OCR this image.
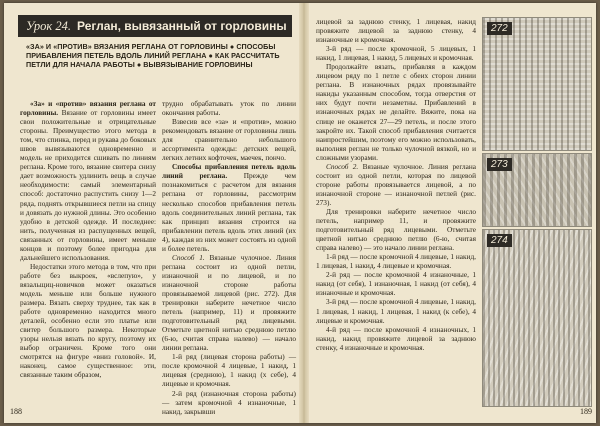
Урок 24. Реглан, вывязанный от горловины
«ЗА» И «ПРОТИВ» ВЯЗАНИЯ РЕГЛАНА ОТ ГОРЛОВИНЫ ● СПОСОБЫ ПРИБАВЛЕНИЯ ПЕТЕЛЬ ВДОЛЬ ЛИНИЙ РЕГЛАНА ● КАК РАССЧИТАТЬ ПЕТЛИ ДЛЯ НАЧАЛА РАБОТЫ ● ВЫВЯЗЫВАНИЕ ГОРЛОВИНЫ

«За» и «против» вязания реглана от горловины. Вязание от горловины имеет свои положительные и отрицательные стороны. Преимущество этого метода в том, что спинка, перед и рукава до боковых швов вывязываются одновременно и модель не приходится сшивать по линиям реглана. Кроме того, вязание свитера снизу дает возможность удлинить вещь в случае необходимости: самый элементарный способ: достаточно распустить снизу 1—2 ряда, поднять открывшиеся петли на спицу и довязать до нужной длины. Это особенно удобно в детской одежде. И последнее: нить, полученная из распущенных вещей, связанных от горловины, имеет меньше концов и поэтому более пригодна для дальнейшего использования.

Недостатки этого метода в том, что при работе без выкроек, «вслепую», у вязальщиц-новичков может оказаться модель меньше или больше нужного размера. Вязать сверху труднее, так как в работе одновременно находится много деталей, особенно если это платье или свитер большого размера. Некоторые узоры нельзя вязать по кругу, поэтому их выбор ограничен. Кроме того они смотрятся на фигуре «вниз головой». И, наконец, самое существенное: эти, связанные таким образом,

трудно обрабатывать уток по линии окончания работы.

Взвесив все «за» и «против», можно рекомендовать вязание от горловины лишь для сравнительно небольшого ассортимента одежды: детских вещей, легких летних кофточек, маечек, пончо.

Способы прибавления петель вдоль линий реглана. Прежде чем познакомиться с расчетом для вязания реглана от горловины, рассмотрим несколько способов прибавления петель вдоль соединительных линий реглана, так как принцип вязания строится на прибавлении петель вдоль этих линий (их 4), каждая из них может состоять из одной и более петель.

Способ 1. Вязаные чулочное. Линия реглана состоит из одной петли, изнаночной и по лицевой, и по изнаночной стороне работы провязываемой лицевой (рис. 272). Для тренировки наберите нечетное число петель (например, 11) и провяжите подготовительный ряд лицевыми. Отметьте цветной нитью среднюю петлю (6-ю, считая справа налево) — начало линии реглана.

1-й ряд (лицевая сторона работы) — после кромочной 4 лицевые, 1 накид, 1 лицевая (среднюю), 1 накид (х себе), 4 лицевые и кромочная.

2-й ряд (изнаночная сторона работы) — затем кромочной 4 изнаночные, 1 накид, закрывши

188

лицевой за заднюю стенку, 1 лицевая, накид провяжите лицевой за заднюю стенку, 4 изнаночные и кромочная.

3-й ряд — после кромочной, 5 лицевых, 1 накид, 1 лицевая, 1 накид, 5 лицевых и кромочная.

Продолжайте вязать, прибавляя в каждом лицевом ряду по 1 петле с обеих сторон линии реглана. В изнаночных рядах провязывайте накиды указанным способом, тогда отверстия от них будут почти незаметны. Прибавлений в изнаночных рядах не делайте. Вяжите, пока на спице не окажется 27—29 петель, и после этого закройте их. Такой способ прибавления считается наипростейшим, поэтому его можно использовать, выполняя реглан не только чулочной вязкой, но и сложными узорами.

Способ 2. Вязаные чулочное. Линия реглана состоит из одной петли, которая по лицевой стороне работы провязывается лицевой, а по изнаночной стороне — изнаночной петлей (рис. 273).

Для тренировки наберите нечетное число петель, например 11, и провяжите подготовительный ряд лицевыми. Отметьте цветной нитью среднюю петлю (6-ю, считая справа налево) — это начало линии реглана.

1-й ряд — после кромочной 4 лицевые, 1 накид, 1 лицевая, 1 накид, 4 лицевые и кромочная.

2-й ряд — после кромочной 4 изнаночные, 1 накид (от себя), 1 изнаночная, 1 накид (от себя), 4 изнаночные и кромочная.

3-й ряд — после кромочной 4 лицевые, 1 накид, 1 лицевая, 1 накид, 1 лицевая, 1 накид (к себе), 4 лицевые и кромочная.

4-й ряд — после кромочной 4 изнаночных, 1 накид, накид провяжите лицевой за заднюю стенку, 4 изнаночные и кромочная.

272
273
274
189
